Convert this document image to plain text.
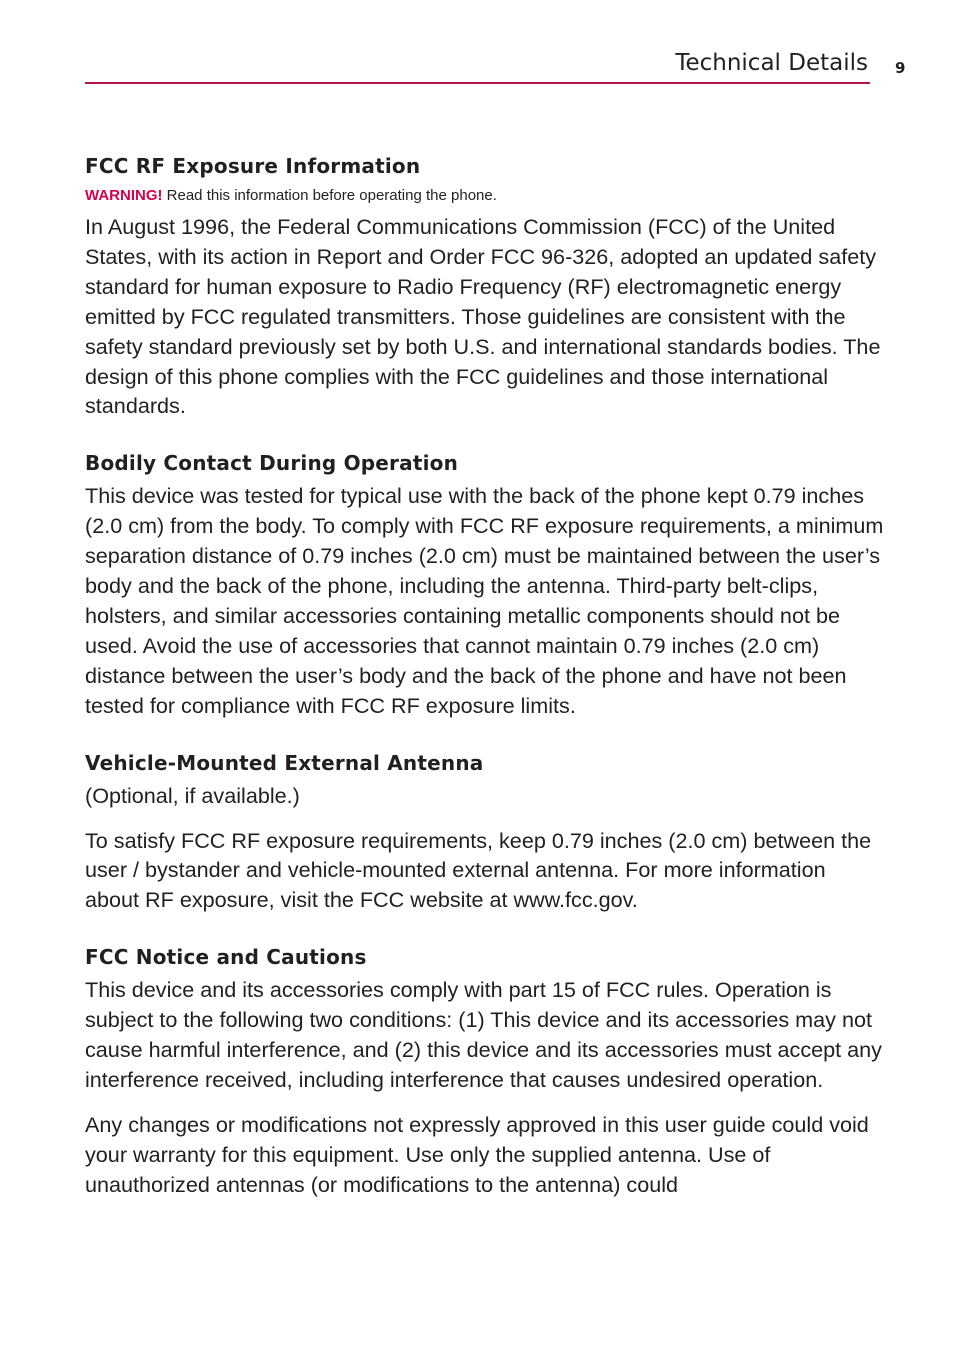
Technical Details 9
FCC RF Exposure Information
WARNING! Read this information before operating the phone.

In August 1996, the Federal Communications Commission (FCC) of the United States, with its action in Report and Order FCC 96-326, adopted an updated safety standard for human exposure to Radio Frequency (RF) electromagnetic energy emitted by FCC regulated transmitters. Those guidelines are consistent with the safety standard previously set by both U.S. and international standards bodies. The design of this phone complies with the FCC guidelines and those international standards.

Bodily Contact During Operation

This device was tested for typical use with the back of the phone kept 0.79 inches (2.0 cm) from the body. To comply with FCC RF exposure requirements, a minimum separation distance of 0.79 inches (2.0 cm) must be maintained between the user’s body and the back of the phone, including the antenna. Third-party belt-clips, holsters, and similar accessories containing metallic components should not be used. Avoid the use of accessories that cannot maintain 0.79 inches (2.0 cm) distance between the user’s body and the back of the phone and have not been tested for compliance with FCC RF exposure limits.

Vehicle-Mounted External Antenna

(Optional, if available.)

To satisfy FCC RF exposure requirements, keep 0.79 inches (2.0 cm) between the user / bystander and vehicle-mounted external antenna. For more information about RF exposure, visit the FCC website at www.fcc.gov.

FCC Notice and Cautions

This device and its accessories comply with part 15 of FCC rules. Operation is subject to the following two conditions: (1) This device and its accessories may not cause harmful interference, and (2) this device and its accessories must accept any interference received, including interference that causes undesired operation.

Any changes or modifications not expressly approved in this user guide could void your warranty for this equipment. Use only the supplied antenna. Use of unauthorized antennas (or modifications to the antenna) could
